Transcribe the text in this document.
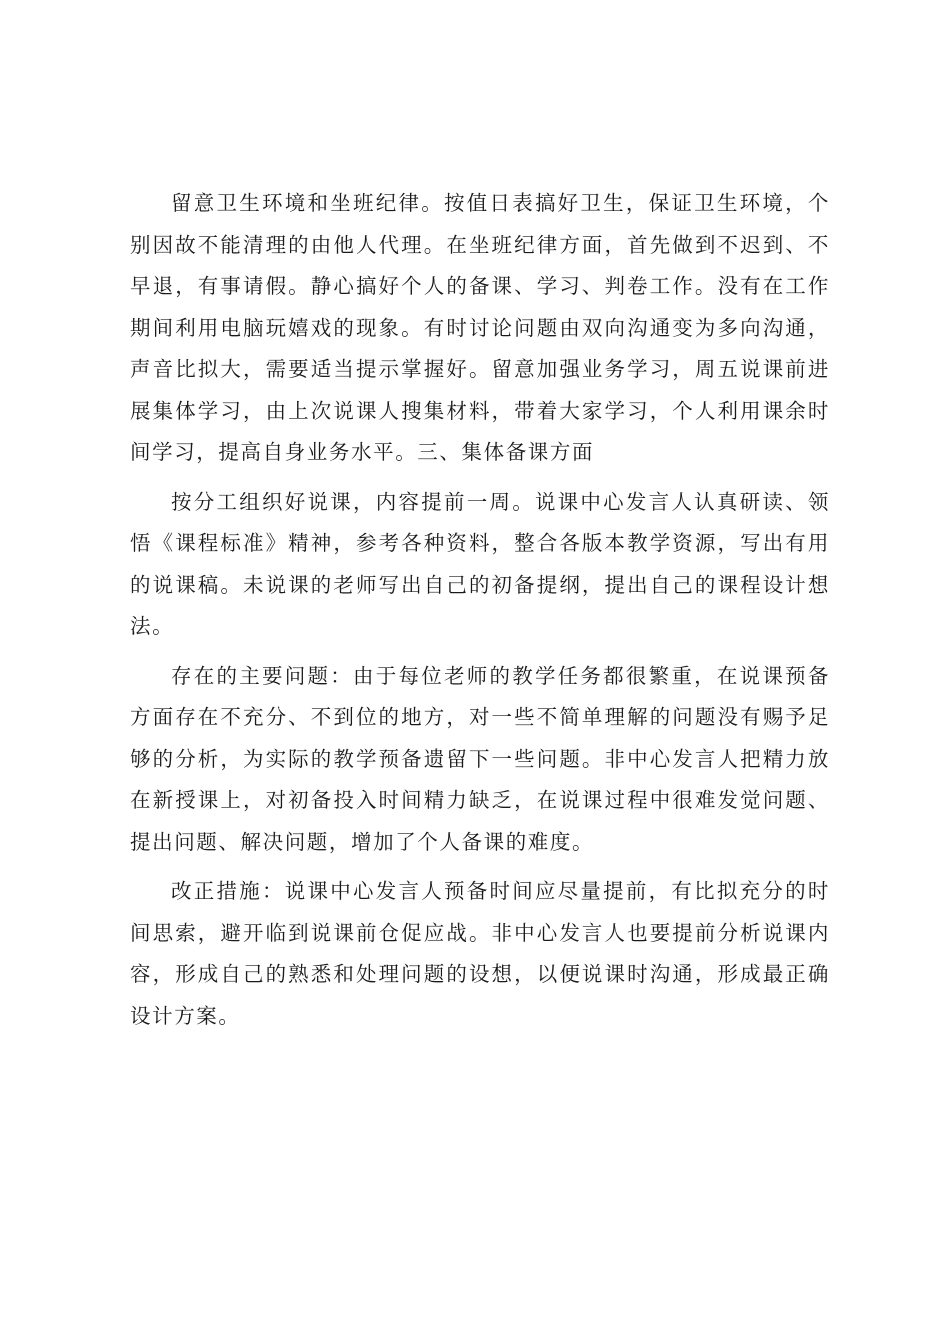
留意卫生环境和坐班纪律。按值日表搞好卫生，保证卫生环境，个别因故不能清理的由他人代理。在坐班纪律方面，首先做到不迟到、不早退，有事请假。静心搞好个人的备课、学习、判卷工作。没有在工作期间利用电脑玩嬉戏的现象。有时讨论问题由双向沟通变为多向沟通，声音比拟大，需要适当提示掌握好。留意加强业务学习，周五说课前进展集体学习，由上次说课人搜集材料，带着大家学习，个人利用课余时间学习，提高自身业务水平。三、集体备课方面

按分工组织好说课，内容提前一周。说课中心发言人认真研读、领悟《课程标准》精神，参考各种资料，整合各版本教学资源，写出有用的说课稿。未说课的老师写出自己的初备提纲，提出自己的课程设计想法。

存在的主要问题：由于每位老师的教学任务都很繁重，在说课预备方面存在不充分、不到位的地方，对一些不简单理解的问题没有赐予足够的分析，为实际的教学预备遗留下一些问题。非中心发言人把精力放在新授课上，对初备投入时间精力缺乏，在说课过程中很难发觉问题、提出问题、解决问题，增加了个人备课的难度。

改正措施：说课中心发言人预备时间应尽量提前，有比拟充分的时间思索，避开临到说课前仓促应战。非中心发言人也要提前分析说课内容，形成自己的熟悉和处理问题的设想，以便说课时沟通，形成最正确设计方案。
